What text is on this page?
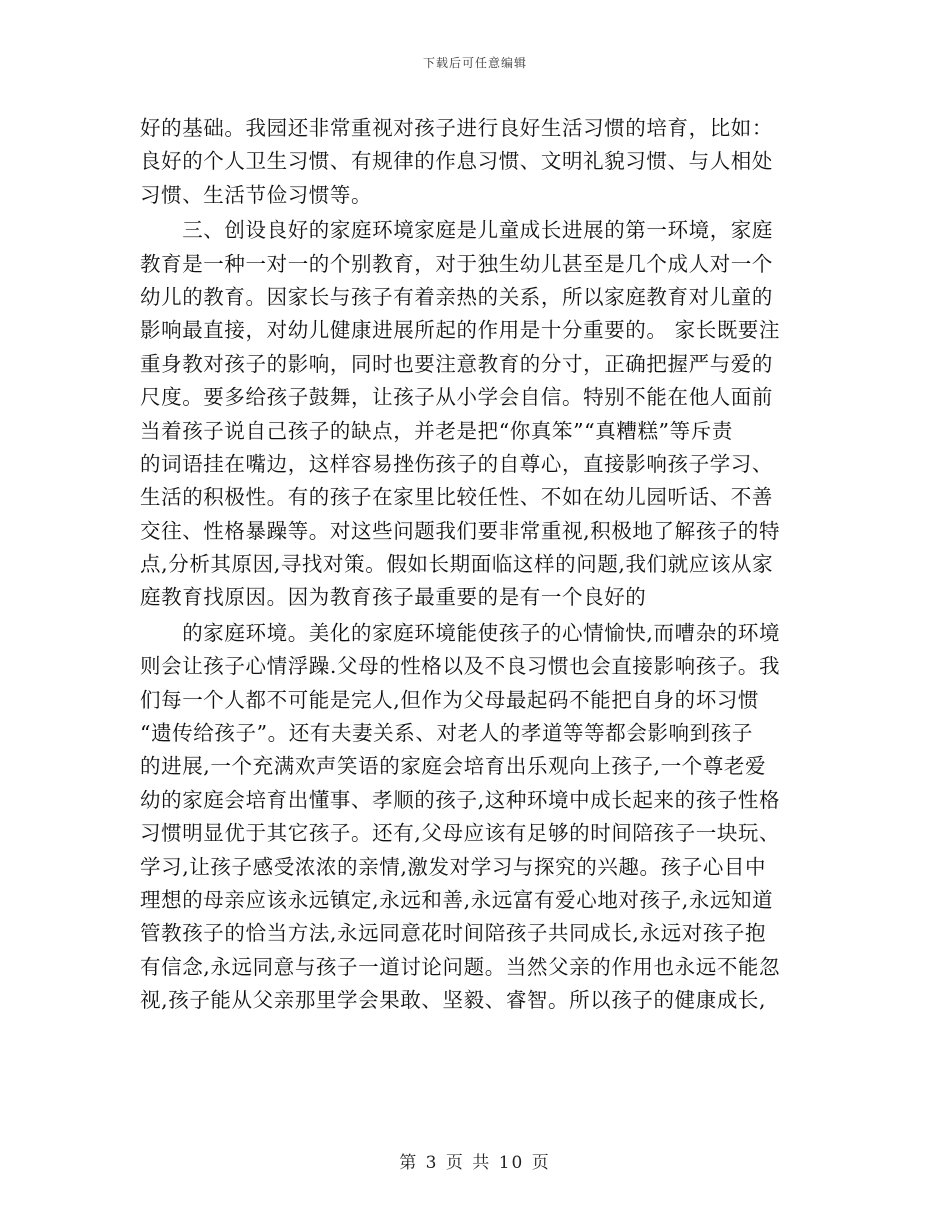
下载后可任意编辑
好的基础。我园还非常重视对孩子进行良好生活习惯的培育，比如：
良好的个人卫生习惯、有规律的作息习惯、文明礼貌习惯、与人相处
习惯、生活节俭习惯等。
　　三、创设良好的家庭环境家庭是儿童成长进展的第一环境，家庭
教育是一种一对一的个别教育，对于独生幼儿甚至是几个成人对一个
幼儿的教育。因家长与孩子有着亲热的关系，所以家庭教育对儿童的
影响最直接，对幼儿健康进展所起的作用是十分重要的。 家长既要注
重身教对孩子的影响，同时也要注意教育的分寸，正确把握严与爱的
尺度。要多给孩子鼓舞，让孩子从小学会自信。特别不能在他人面前
当着孩子说自己孩子的缺点，并老是把“你真笨”“真糟糕”等斥责
的词语挂在嘴边，这样容易挫伤孩子的自尊心，直接影响孩子学习、
生活的积极性。有的孩子在家里比较任性、不如在幼儿园听话、不善
交往、性格暴躁等。对这些问题我们要非常重视,积极地了解孩子的特
点,分析其原因,寻找对策。假如长期面临这样的问题,我们就应该从家
庭教育找原因。因为教育孩子最重要的是有一个良好的
　　的家庭环境。美化的家庭环境能使孩子的心情愉快,而嘈杂的环境
则会让孩子心情浮躁.父母的性格以及不良习惯也会直接影响孩子。我
们每一个人都不可能是完人,但作为父母最起码不能把自身的坏习惯
“遗传给孩子”。还有夫妻关系、对老人的孝道等等都会影响到孩子
的进展,一个充满欢声笑语的家庭会培育出乐观向上孩子,一个尊老爱
幼的家庭会培育出懂事、孝顺的孩子,这种环境中成长起来的孩子性格
习惯明显优于其它孩子。还有,父母应该有足够的时间陪孩子一块玩、
学习,让孩子感受浓浓的亲情,激发对学习与探究的兴趣。孩子心目中
理想的母亲应该永远镇定,永远和善,永远富有爱心地对孩子,永远知道
管教孩子的恰当方法,永远同意花时间陪孩子共同成长,永远对孩子抱
有信念,永远同意与孩子一道讨论问题。当然父亲的作用也永远不能忽
视,孩子能从父亲那里学会果敢、坚毅、睿智。所以孩子的健康成长,
第 3 页 共 10 页
